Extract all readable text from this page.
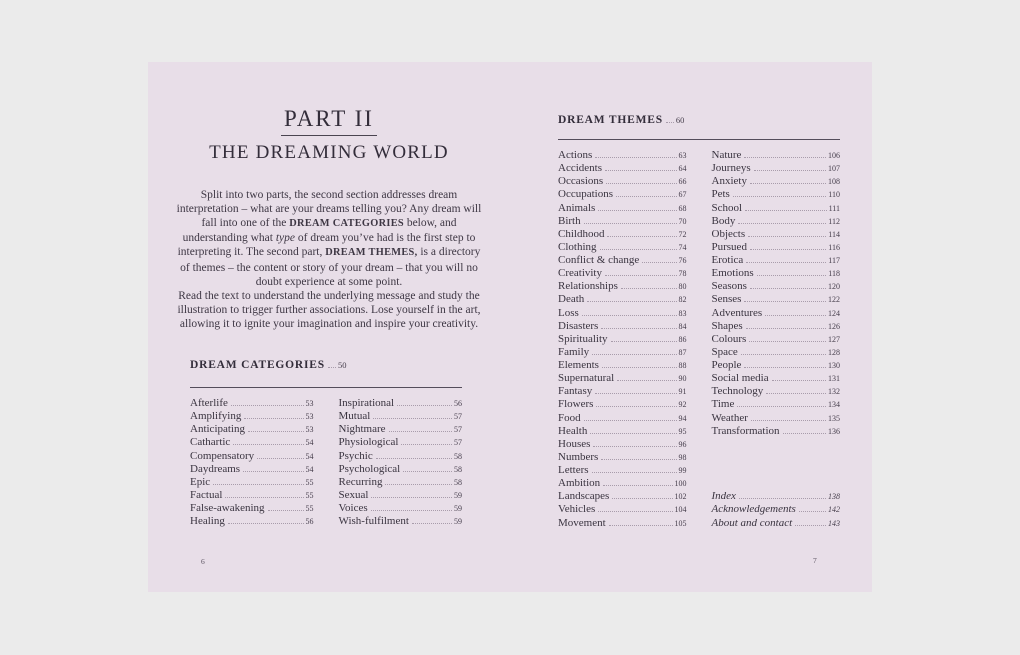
PART II
THE DREAMING WORLD

Split into two parts, the second section addresses dream interpretation – what are your dreams telling you? Any dream will fall into one of the DREAM CATEGORIES below, and understanding what type of dream you’ve had is the first step to interpreting it. The second part, DREAM THEMES, is a directory of themes – the content or story of your dream – that you will no doubt experience at some point.
Read the text to understand the underlying message and study the illustration to trigger further associations. Lose yourself in the art, allowing it to ignite your imagination and inspire your creativity.

DREAM CATEGORIES 50
Afterlife	53
Amplifying	53
Anticipating	53
Cathartic	54
Compensatory	54
Daydreams	54
Epic	55
Factual	55
False-awakening	55
Healing	56
Inspirational	56
Mutual	57
Nightmare	57
Physiological	57
Psychic	58
Psychological	58
Recurring	58
Sexual	59
Voices	59
Wish-fulfilment	59
6
DREAM THEMES 60
Actions	63
Accidents	64
Occasions	66
Occupations	67
Animals	68
Birth	70
Childhood	72
Clothing	74
Conflict & change	76
Creativity	78
Relationships	80
Death	82
Loss	83
Disasters	84
Spirituality	86
Family	87
Elements	88
Supernatural	90
Fantasy	91
Flowers	92
Food	94
Health	95
Houses	96
Numbers	98
Letters	99
Ambition	100
Landscapes	102
Vehicles	104
Movement	105
Nature	106
Journeys	107
Anxiety	108
Pets	110
School	111
Body	112
Objects	114
Pursued	116
Erotica	117
Emotions	118
Seasons	120
Senses	122
Adventures	124
Shapes	126
Colours	127
Space	128
People	130
Social media	131
Technology	132
Time	134
Weather	135
Transformation	136
Index	138
Acknowledgements	142
About and contact	143
7
